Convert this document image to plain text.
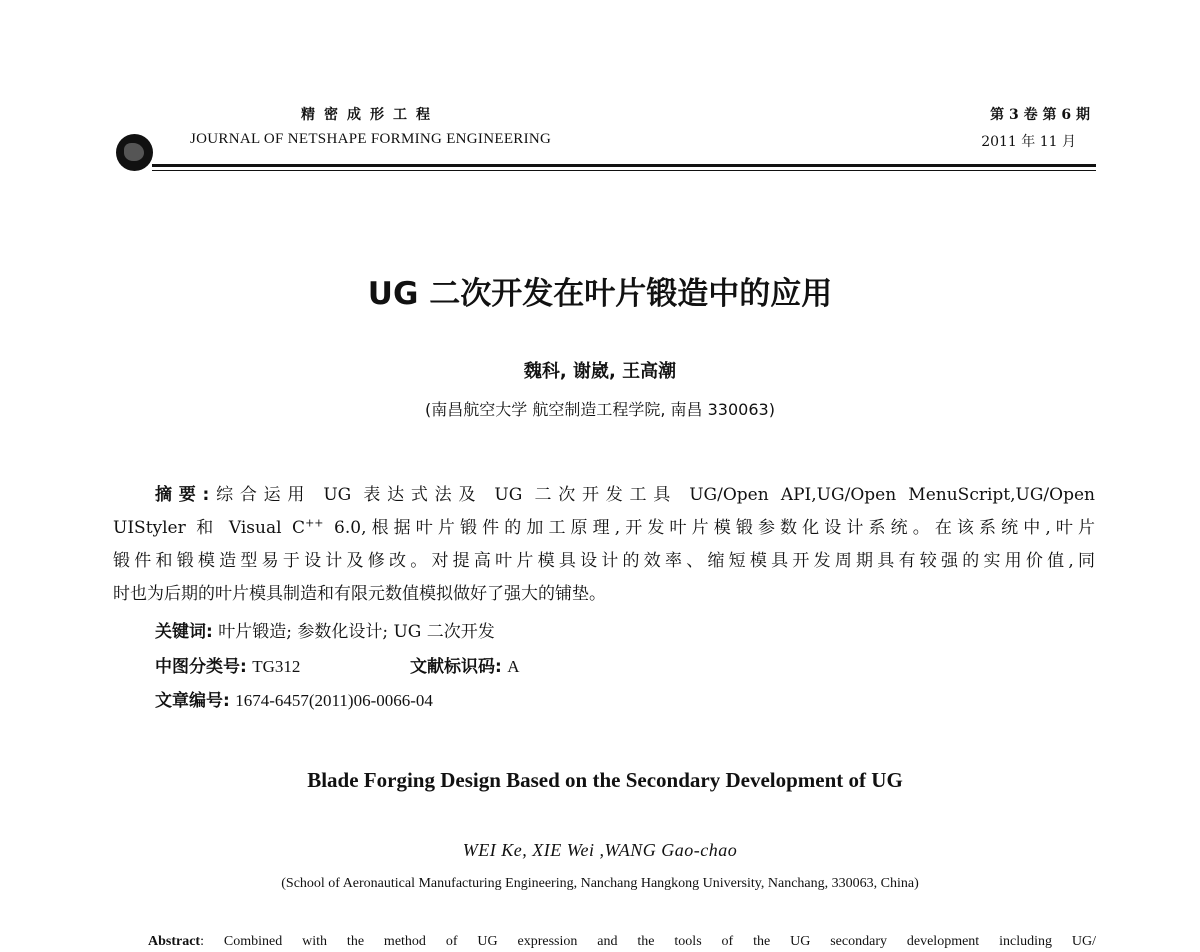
精密成形工程
JOURNAL OF NETSHAPE FORMING ENGINEERING
第 3 卷 第 6 期
2011 年 11 月
UG 二次开发在叶片锻造中的应用
魏科, 谢崴, 王高潮
(南昌航空大学 航空制造工程学院, 南昌 330063)
摘要:综合运用 UG 表达式法及 UG 二次开发工具 UG/Open API,UG/Open MenuScript,UG/Open
UIStyler 和 Visual C++ 6.0,根据叶片锻件的加工原理,开发叶片模锻参数化设计系统。在该系统中,叶片
锻件和锻模造型易于设计及修改。对提高叶片模具设计的效率、缩短模具开发周期具有较强的实用价值,同
时也为后期的叶片模具制造和有限元数值模拟做好了强大的铺垫。
关键词: 叶片锻造; 参数化设计; UG 二次开发
中图分类号: TG312	文献标识码: A
文章编号: 1674-6457(2011)06-0066-04
Blade Forging Design Based on the Secondary Development of UG
WEI Ke, XIE Wei ,WANG Gao-chao
(School of Aeronautical Manufacturing Engineering, Nanchang Hangkong University, Nanchang, 330063, China)
Abstract: Combined with the method of UG expression and the tools of the UG secondary development including UG/
